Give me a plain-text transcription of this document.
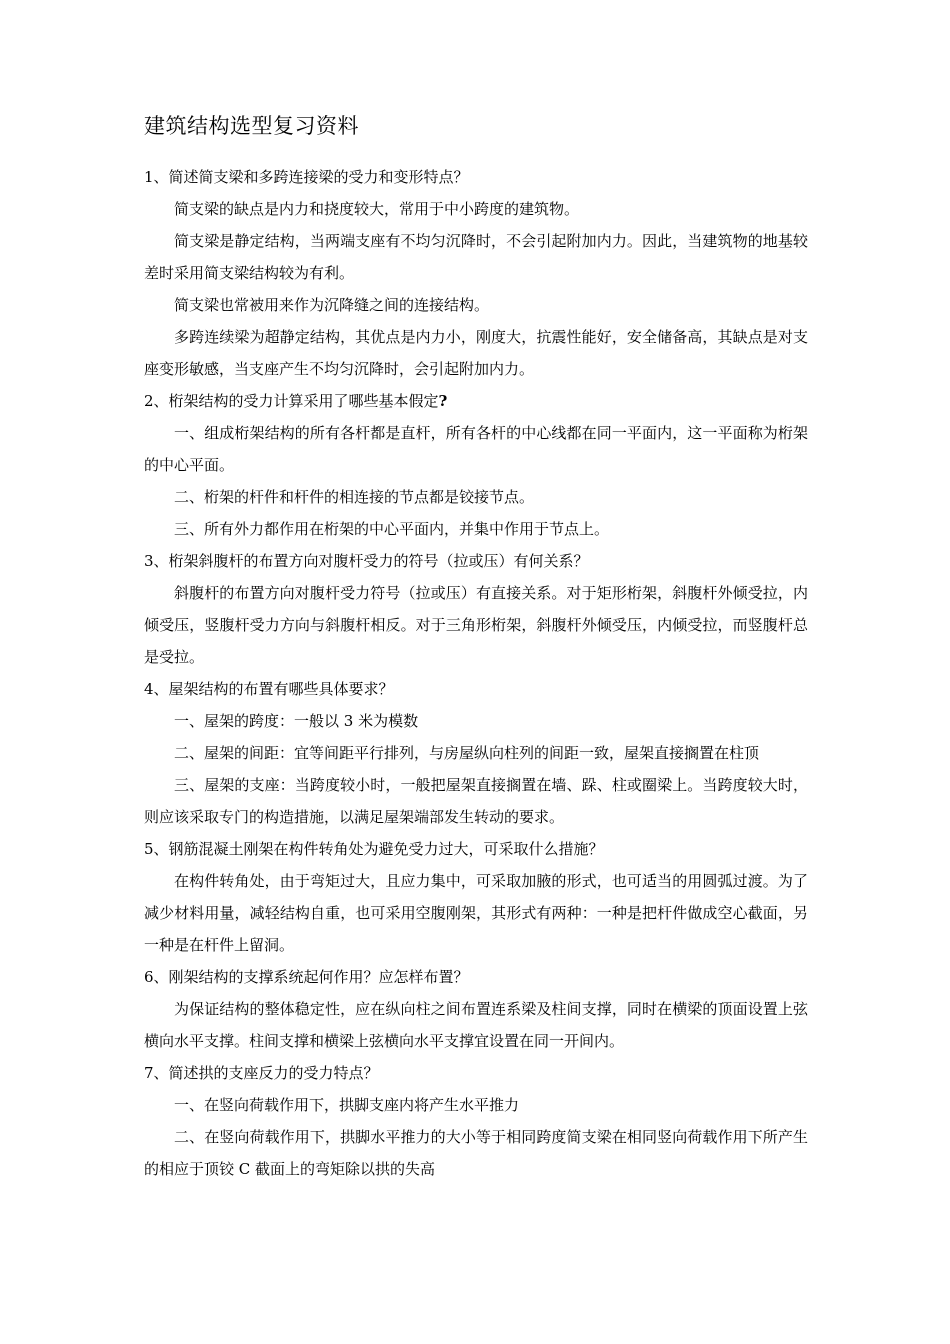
建筑结构选型复习资料

1、简述简支梁和多跨连接梁的受力和变形特点？

简支梁的缺点是内力和挠度较大，常用于中小跨度的建筑物。

简支梁是静定结构，当两端支座有不均匀沉降时，不会引起附加内力。因此，当建筑物的地基较差时采用简支梁结构较为有利。

简支梁也常被用来作为沉降缝之间的连接结构。

多跨连续梁为超静定结构，其优点是内力小，刚度大，抗震性能好，安全储备高，其缺点是对支座变形敏感，当支座产生不均匀沉降时，会引起附加内力。

2、桁架结构的受力计算采用了哪些基本假定?

一、组成桁架结构的所有各杆都是直杆，所有各杆的中心线都在同一平面内，这一平面称为桁架的中心平面。

二、桁架的杆件和杆件的相连接的节点都是铰接节点。

三、所有外力都作用在桁架的中心平面内，并集中作用于节点上。

3、桁架斜腹杆的布置方向对腹杆受力的符号（拉或压）有何关系？

斜腹杆的布置方向对腹杆受力符号（拉或压）有直接关系。对于矩形桁架，斜腹杆外倾受拉，内倾受压，竖腹杆受力方向与斜腹杆相反。对于三角形桁架，斜腹杆外倾受压，内倾受拉，而竖腹杆总是受拉。

4、屋架结构的布置有哪些具体要求？

一、屋架的跨度：一般以 3 米为模数

二、屋架的间距：宜等间距平行排列，与房屋纵向柱列的间距一致，屋架直接搁置在柱顶

三、屋架的支座：当跨度较小时，一般把屋架直接搁置在墙、跺、柱或圈梁上。当跨度较大时，则应该采取专门的构造措施，以满足屋架端部发生转动的要求。

5、钢筋混凝土刚架在构件转角处为避免受力过大，可采取什么措施？

在构件转角处，由于弯矩过大，且应力集中，可采取加腋的形式，也可适当的用圆弧过渡。为了减少材料用量，减轻结构自重，也可采用空腹刚架，其形式有两种：一种是把杆件做成空心截面，另一种是在杆件上留洞。

6、刚架结构的支撑系统起何作用？应怎样布置？

为保证结构的整体稳定性，应在纵向柱之间布置连系梁及柱间支撑，同时在横梁的顶面设置上弦横向水平支撑。柱间支撑和横梁上弦横向水平支撑宜设置在同一开间内。

7、简述拱的支座反力的受力特点？

一、在竖向荷载作用下，拱脚支座内将产生水平推力

二、在竖向荷载作用下，拱脚水平推力的大小等于相同跨度简支梁在相同竖向荷载作用下所产生的相应于顶铰 C 截面上的弯矩除以拱的失高
